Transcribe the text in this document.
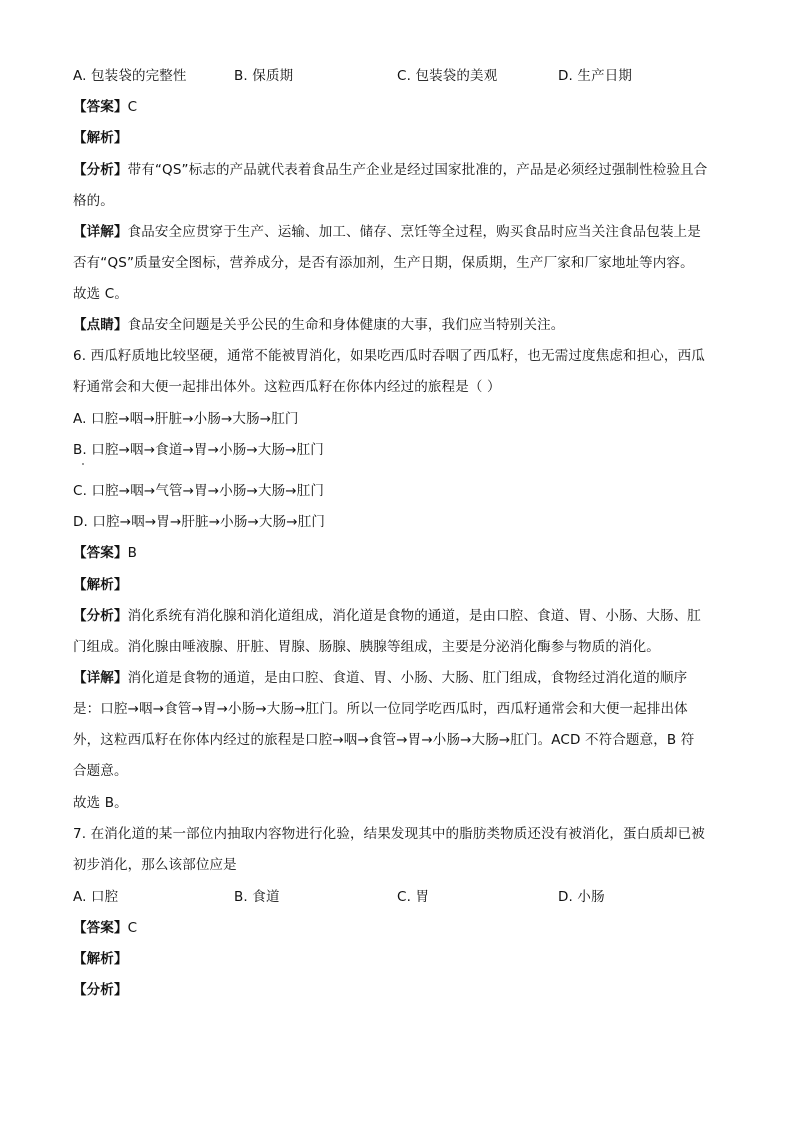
A. 包装袋的完整性	B. 保质期	C. 包装袋的美观	D. 生产日期
【答案】C
【解析】
【分析】带有“QS”标志的产品就代表着食品生产企业是经过国家批准的，产品是必须经过强制性检验且合
格的。
【详解】食品安全应贯穿于生产、运输、加工、储存、烹饪等全过程，购买食品时应当关注食品包装上是
否有“QS”质量安全图标，营养成分，是否有添加剂，生产日期，保质期，生产厂家和厂家地址等内容。
故选 C。
【点睛】食品安全问题是关乎公民的生命和身体健康的大事，我们应当特别关注。
6. 西瓜籽质地比较坚硬，通常不能被胃消化，如果吃西瓜时吞咽了西瓜籽，也无需过度焦虑和担心，西瓜
籽通常会和大便一起排出体外。这粒西瓜籽在你体内经过的旅程是（ ）
A. 口腔→咽→肝脏→小肠→大肠→肛门
B. 口腔→咽→食道→胃→小肠→大肠→肛门
C. 口腔→咽→气管→胃→小肠→大肠→肛门
D. 口腔→咽→胃→肝脏→小肠→大肠→肛门
【答案】B
【解析】
【分析】消化系统有消化腺和消化道组成，消化道是食物的通道，是由口腔、食道、胃、小肠、大肠、肛
门组成。消化腺由唾液腺、肝脏、胃腺、肠腺、胰腺等组成，主要是分泌消化酶参与物质的消化。
【详解】消化道是食物的通道，是由口腔、食道、胃、小肠、大肠、肛门组成，食物经过消化道的顺序
是：口腔→咽→食管→胃→小肠→大肠→肛门。所以一位同学吃西瓜时，西瓜籽通常会和大便一起排出体
外，这粒西瓜籽在你体内经过的旅程是口腔→咽→食管→胃→小肠→大肠→肛门。ACD 不符合题意，B 符
合题意。
故选 B。
7. 在消化道的某一部位内抽取内容物进行化验，结果发现其中的脂肪类物质还没有被消化，蛋白质却已被
初步消化，那么该部位应是
A. 口腔	B. 食道	C. 胃	D. 小肠
【答案】C
【解析】
【分析】
